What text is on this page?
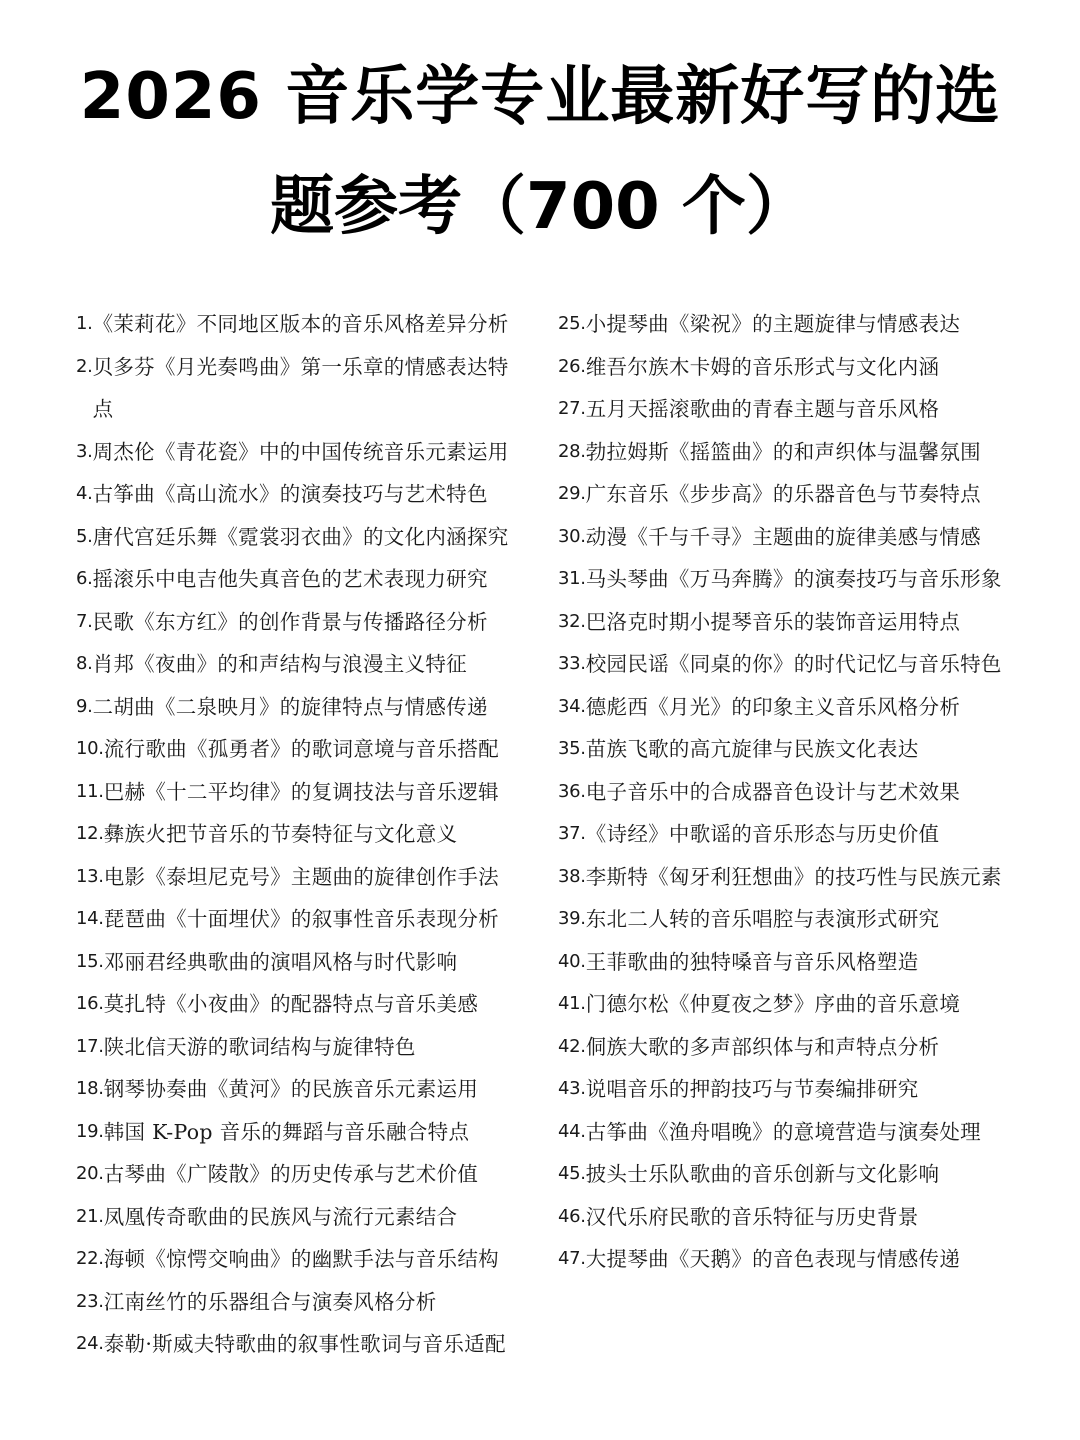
2026 音乐学专业最新好写的选
题参考（700 个）
1. 《茉莉花》不同地区版本的音乐风格差异分析
2. 贝多芬《月光奏鸣曲》第一乐章的情感表达特点
3. 周杰伦《青花瓷》中的中国传统音乐元素运用
4. 古筝曲《高山流水》的演奏技巧与艺术特色
5. 唐代宫廷乐舞《霓裳羽衣曲》的文化内涵探究
6. 摇滚乐中电吉他失真音色的艺术表现力研究
7. 民歌《东方红》的创作背景与传播路径分析
8. 肖邦《夜曲》的和声结构与浪漫主义特征
9. 二胡曲《二泉映月》的旋律特点与情感传递
10. 流行歌曲《孤勇者》的歌词意境与音乐搭配
11. 巴赫《十二平均律》的复调技法与音乐逻辑
12. 彝族火把节音乐的节奏特征与文化意义
13. 电影《泰坦尼克号》主题曲的旋律创作手法
14. 琵琶曲《十面埋伏》的叙事性音乐表现分析
15. 邓丽君经典歌曲的演唱风格与时代影响
16. 莫扎特《小夜曲》的配器特点与音乐美感
17. 陕北信天游的歌词结构与旋律特色
18. 钢琴协奏曲《黄河》的民族音乐元素运用
19. 韩国 K-Pop 音乐的舞蹈与音乐融合特点
20. 古琴曲《广陵散》的历史传承与艺术价值
21. 凤凰传奇歌曲的民族风与流行元素结合
22. 海顿《惊愕交响曲》的幽默手法与音乐结构
23. 江南丝竹的乐器组合与演奏风格分析
24. 泰勒·斯威夫特歌曲的叙事性歌词与音乐适配
25. 小提琴曲《梁祝》的主题旋律与情感表达
26. 维吾尔族木卡姆的音乐形式与文化内涵
27. 五月天摇滚歌曲的青春主题与音乐风格
28. 勃拉姆斯《摇篮曲》的和声织体与温馨氛围
29. 广东音乐《步步高》的乐器音色与节奏特点
30. 动漫《千与千寻》主题曲的旋律美感与情感
31. 马头琴曲《万马奔腾》的演奏技巧与音乐形象
32. 巴洛克时期小提琴音乐的装饰音运用特点
33. 校园民谣《同桌的你》的时代记忆与音乐特色
34. 德彪西《月光》的印象主义音乐风格分析
35. 苗族飞歌的高亢旋律与民族文化表达
36. 电子音乐中的合成器音色设计与艺术效果
37. 《诗经》中歌谣的音乐形态与历史价值
38. 李斯特《匈牙利狂想曲》的技巧性与民族元素
39. 东北二人转的音乐唱腔与表演形式研究
40. 王菲歌曲的独特嗓音与音乐风格塑造
41. 门德尔松《仲夏夜之梦》序曲的音乐意境
42. 侗族大歌的多声部织体与和声特点分析
43. 说唱音乐的押韵技巧与节奏编排研究
44. 古筝曲《渔舟唱晚》的意境营造与演奏处理
45. 披头士乐队歌曲的音乐创新与文化影响
46. 汉代乐府民歌的音乐特征与历史背景
47. 大提琴曲《天鹅》的音色表现与情感传递
